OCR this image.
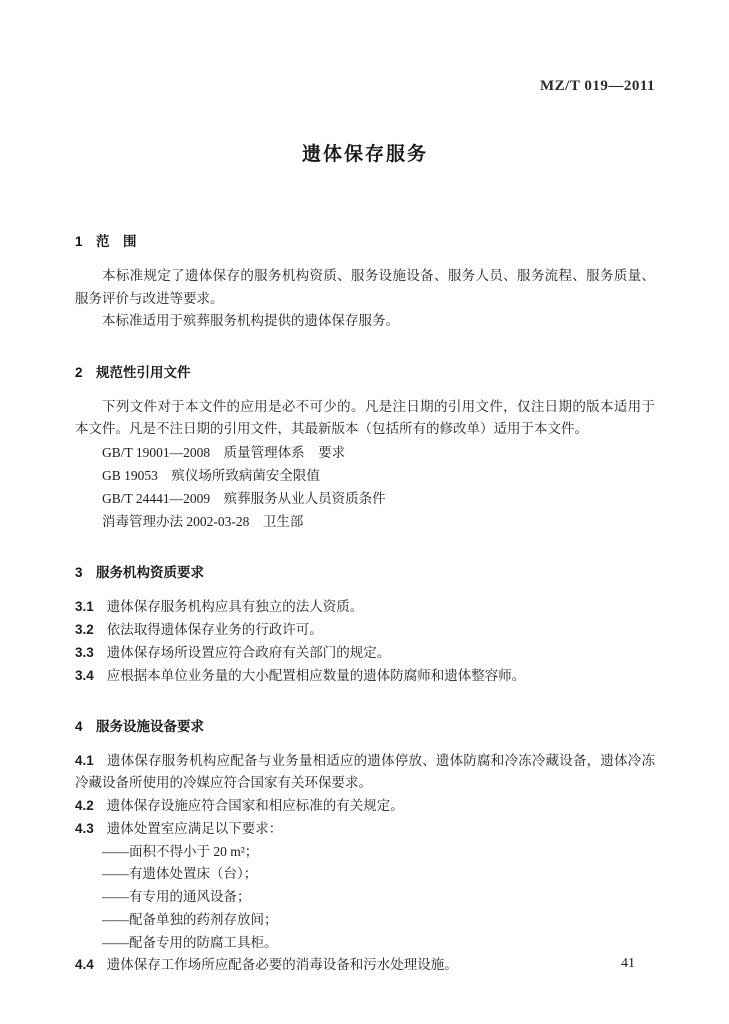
MZ/T 019—2011
遗体保存服务
1　范　围

本标准规定了遗体保存的服务机构资质、服务设施设备、服务人员、服务流程、服务质量、服务评价与改进等要求。

本标准适用于殡葬服务机构提供的遗体保存服务。

2　规范性引用文件

下列文件对于本文件的应用是必不可少的。凡是注日期的引用文件，仅注日期的版本适用于本文件。凡是不注日期的引用文件，其最新版本（包括所有的修改单）适用于本文件。

GB/T 19001—2008　质量管理体系　要求

GB 19053　殡仪场所致病菌安全限值

GB/T 24441—2009　殡葬服务从业人员资质条件

消毒管理办法 2002-03-28　卫生部

3　服务机构资质要求

3.1 遗体保存服务机构应具有独立的法人资质。

3.2 依法取得遗体保存业务的行政许可。

3.3 遗体保存场所设置应符合政府有关部门的规定。

3.4 应根据本单位业务量的大小配置相应数量的遗体防腐师和遗体整容师。

4　服务设施设备要求

4.1 遗体保存服务机构应配备与业务量相适应的遗体停放、遗体防腐和冷冻冷藏设备，遗体冷冻冷藏设备所使用的冷媒应符合国家有关环保要求。

4.2 遗体保存设施应符合国家和相应标准的有关规定。

4.3 遗体处置室应满足以下要求：

——面积不得小于 20 m²；

——有遗体处置床（台）；

——有专用的通风设备；

——配备单独的药剂存放间；

——配备专用的防腐工具柜。

4.4 遗体保存工作场所应配备必要的消毒设备和污水处理设施。	41
